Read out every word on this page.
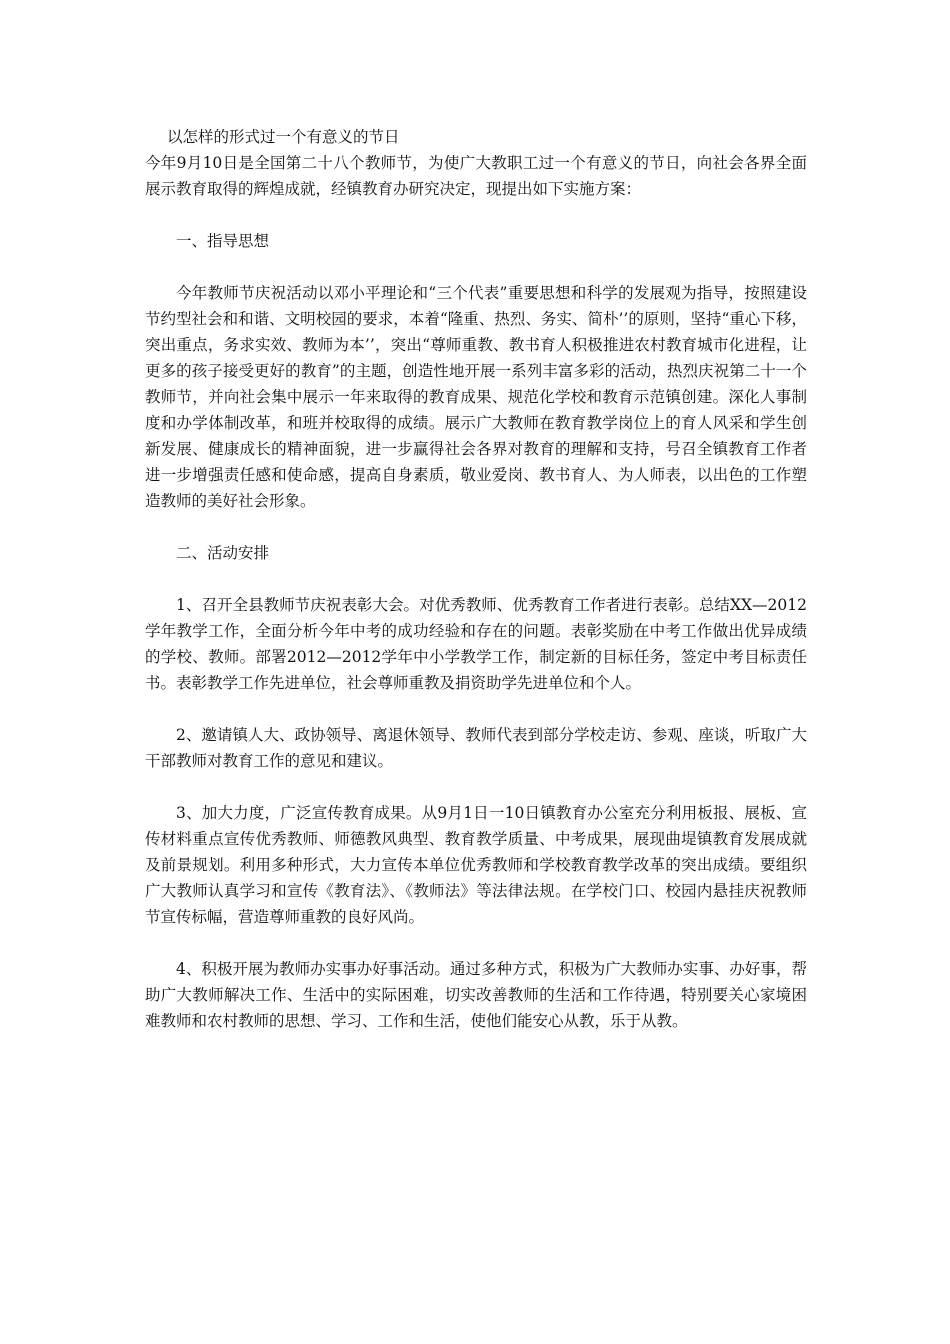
以怎样的形式过一个有意义的节日

今年9月10日是全国第二十八个教师节，为使广大教职工过一个有意义的节日，向社会各界全面展示教育取得的辉煌成就，经镇教育办研究决定，现提出如下实施方案：

一、指导思想

今年教师节庆祝活动以邓小平理论和“三个代表”重要思想和科学的发展观为指导，按照建设节约型社会和和谐、文明校园的要求，本着“隆重、热烈、务实、简朴’’的原则，坚持“重心下移，突出重点，务求实效、教师为本’’，突出“尊师重教、教书育人积极推进农村教育城市化进程，让更多的孩子接受更好的教育”的主题，创造性地开展一系列丰富多彩的活动，热烈庆祝第二十一个教师节，并向社会集中展示一年来取得的教育成果、规范化学校和教育示范镇创建。深化人事制度和办学体制改革，和班并校取得的成绩。展示广大教师在教育教学岗位上的育人风采和学生创新发展、健康成长的精神面貌，进一步赢得社会各界对教育的理解和支持，号召全镇教育工作者进一步增强责任感和使命感，提高自身素质，敬业爱岗、教书育人、为人师表，以出色的工作塑造教师的美好社会形象。

二、活动安排

1、召开全县教师节庆祝表彰大会。对优秀教师、优秀教育工作者进行表彰。总结XX—2012学年教学工作，全面分析今年中考的成功经验和存在的问题。表彰奖励在中考工作做出优异成绩的学校、教师。部署2012—2012学年中小学教学工作，制定新的目标任务，签定中考目标责任书。表彰教学工作先进单位，社会尊师重教及捐资助学先进单位和个人。

2、邀请镇人大、政协领导、离退休领导、教师代表到部分学校走访、参观、座谈，听取广大干部教师对教育工作的意见和建议。

3、加大力度，广泛宣传教育成果。从9月1日一10日镇教育办公室充分利用板报、展板、宣传材料重点宣传优秀教师、师德教风典型、教育教学质量、中考成果，展现曲堤镇教育发展成就及前景规划。利用多种形式，大力宣传本单位优秀教师和学校教育教学改革的突出成绩。要组织广大教师认真学习和宣传《教育法》、《教师法》等法律法规。在学校门口、校园内悬挂庆祝教师节宣传标幅，营造尊师重教的良好风尚。

4、积极开展为教师办实事办好事活动。通过多种方式，积极为广大教师办实事、办好事，帮助广大教师解决工作、生活中的实际困难，切实改善教师的生活和工作待遇，特别要关心家境困难教师和农村教师的思想、学习、工作和生活，使他们能安心从教，乐于从教。
